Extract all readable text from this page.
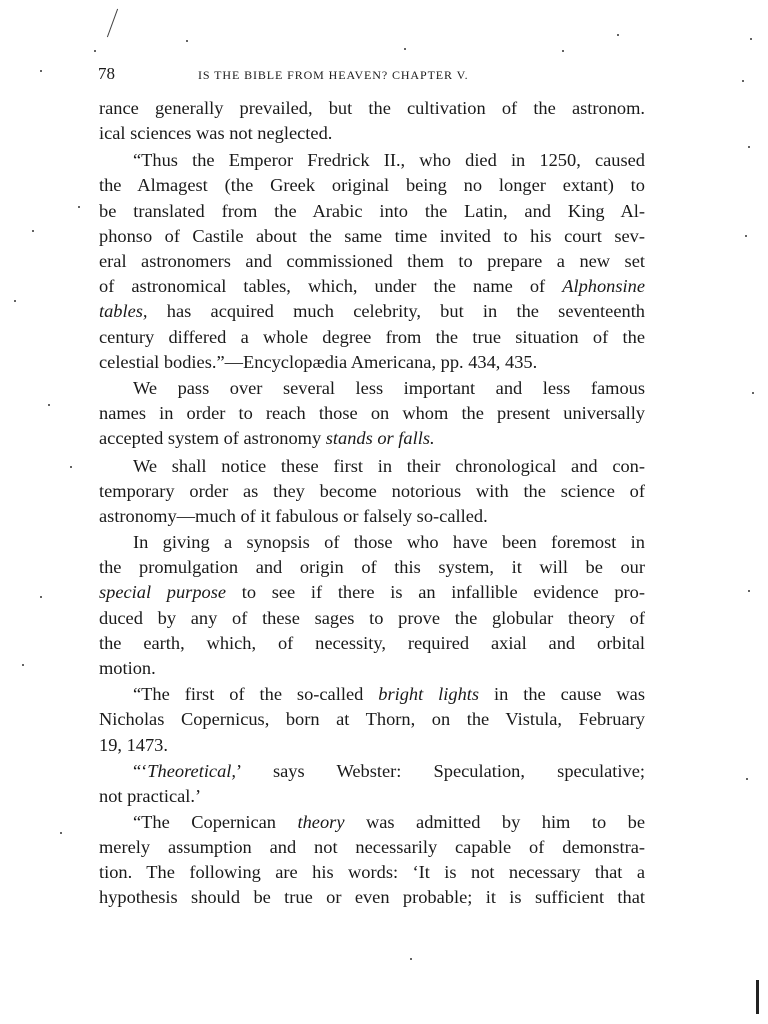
78	IS THE BIBLE FROM HEAVEN? CHAPTER V.
rance generally prevailed, but the cultivation of the astronom.
ical sciences was not neglected.
“Thus the Emperor Fredrick II., who died in 1250, caused
the Almagest (the Greek original being no longer extant) to
be translated from the Arabic into the Latin, and King Al-
phonso of Castile about the same time invited to his court sev-
eral astronomers and commissioned them to prepare a new set
of astronomical tables, which, under the name of Alphonsine
tables, has acquired much celebrity, but in the seventeenth
century differed a whole degree from the true situation of the
celestial bodies.”—Encyclopædia Americana, pp. 434, 435.
We pass over several less important and less famous
names in order to reach those on whom the present universally
accepted system of astronomy stands or falls.
We shall notice these first in their chronological and con-
temporary order as they become notorious with the science of
astronomy—much of it fabulous or falsely so-called.
In giving a synopsis of those who have been foremost in
the promulgation and origin of this system, it will be our
special purpose to see if there is an infallible evidence pro-
duced by any of these sages to prove the globular theory of
the earth, which, of necessity, required axial and orbital
motion.
“The first of the so-called bright lights in the cause was
Nicholas Copernicus, born at Thorn, on the Vistula, February
19, 1473.
“‘Theoretical,’ says Webster: Speculation, speculative;
not practical.’
“The Copernican theory was admitted by him to be
merely assumption and not necessarily capable of demonstra-
tion. The following are his words: ‘It is not necessary that a
hypothesis should be true or even probable; it is sufficient that
